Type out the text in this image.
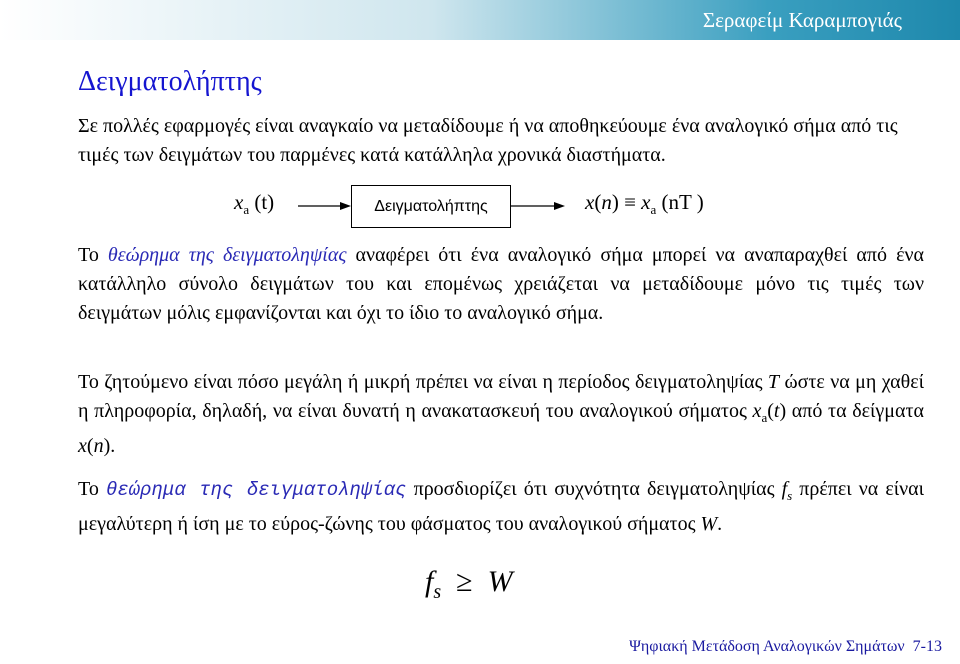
Σεραφείμ Καραμπογιάς
Δειγματολήπτης

Σε πολλές εφαρμογές είναι αναγκαίο να μεταδίδουμε ή να αποθηκεύουμε ένα αναλογικό σήμα από τις τιμές των δειγμάτων του παρμένες κατά κατάλληλα χρονικά διαστήματα.

$x_a$ (t)	Δειγματολήπτης	$x(n) \equiv x_a$ (nT )

Το θεώρημα της δειγματοληψίας αναφέρει ότι ένα αναλογικό σήμα μπορεί να αναπαραχθεί από ένα κατάλληλο σύνολο δειγμάτων του και επομένως χρειάζεται να μεταδίδουμε μόνο τις τιμές των δειγμάτων μόλις εμφανίζονται και όχι το ίδιο το αναλογικό σήμα.

Το ζητούμενο είναι πόσο μεγάλη ή μικρή πρέπει να είναι η περίοδος δειγματοληψίας T ώστε να μη χαθεί η πληροφορία, δηλαδή, να είναι δυνατή η ανακατασκευή του αναλογικού σήματος $x_a(t)$ από τα δείγματα x(n).

Το θεώρημα της δειγματοληψίας προσδιορίζει ότι συχνότητα δειγματοληψίας $f_s$ πρέπει να είναι μεγαλύτερη ή ίση με το εύρος-ζώνης του φάσματος του αναλογικού σήματος W.

$f_s \ge W$
Ψηφιακή Μετάδοση Αναλογικών Σημάτων 7-13
